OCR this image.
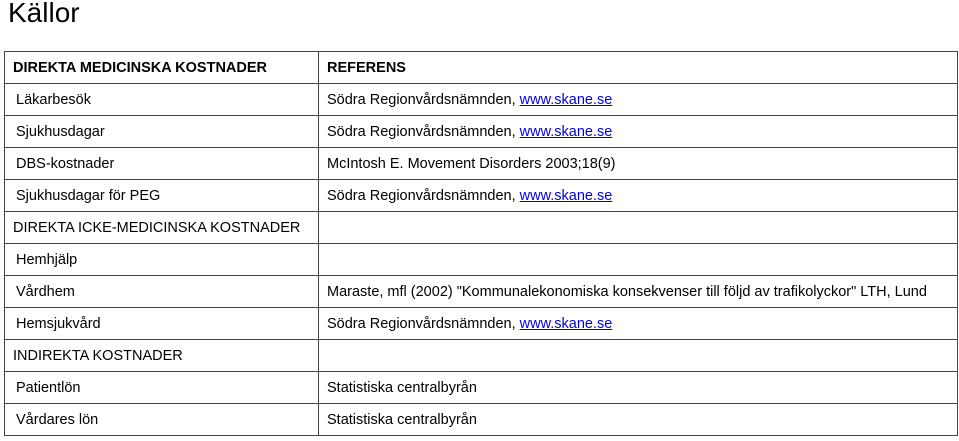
Källor
DIREKTA MEDICINSKA KOSTNADER	REFERENS
Läkarbesök	Södra Regionvårdsnämnden, www.skane.se
Sjukhusdagar	Södra Regionvårdsnämnden, www.skane.se
DBS-kostnader	McIntosh E. Movement Disorders 2003;18(9)
Sjukhusdagar för PEG	Södra Regionvårdsnämnden, www.skane.se
DIREKTA ICKE-MEDICINSKA KOSTNADER	
Hemhjälp	
Vårdhem	Maraste, mfl (2002) "Kommunalekonomiska konsekvenser till följd av trafikolyckor" LTH, Lund
Hemsjukvård	Södra Regionvårdsnämnden, www.skane.se
INDIREKTA KOSTNADER	
Patientlön	Statistiska centralbyrån
Vårdares lön	Statistiska centralbyrån
